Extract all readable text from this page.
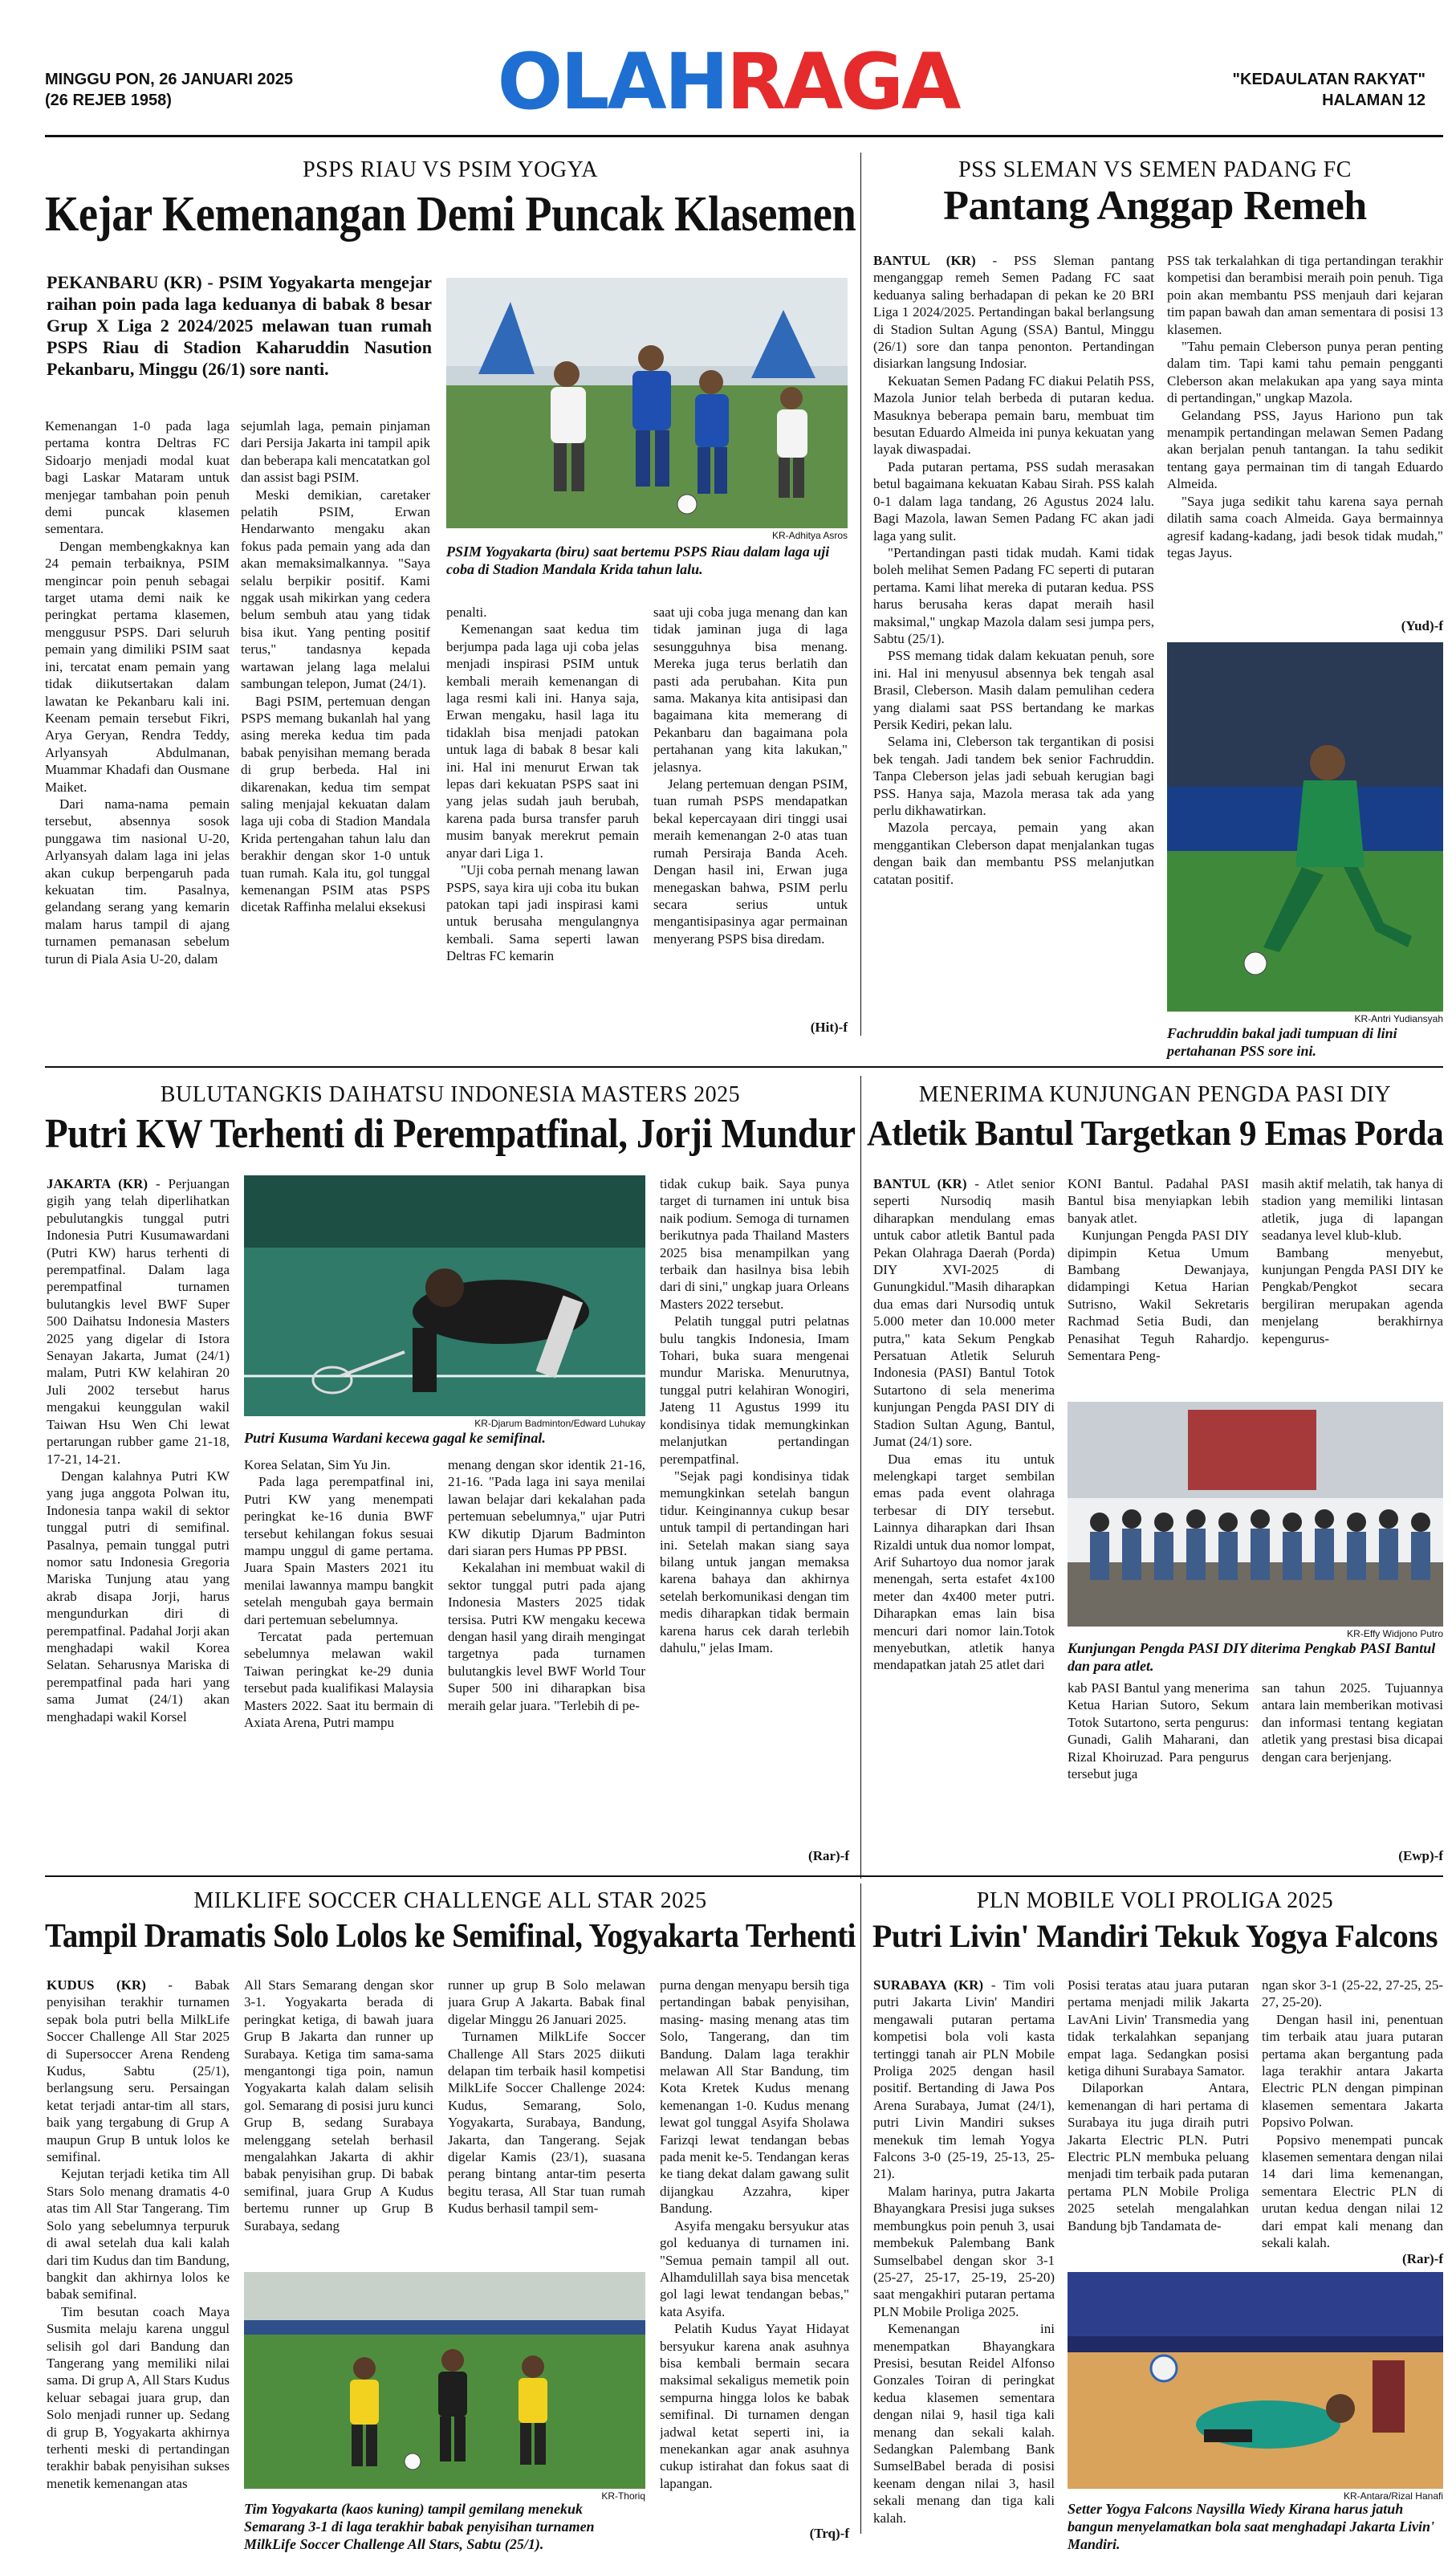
MINGGU PON, 26 JANUARI 2025
(26 REJEB 1958)	OLAHRAGA	"KEDAULATAN RAKYAT"
HALAMAN 12
PSPS RIAU VS PSIM YOGYA
Kejar Kemenangan Demi Puncak Klasemen
PEKANBARU (KR) - PSIM Yogyakarta mengejar raihan poin pada laga keduanya di babak 8 besar Grup X Liga 2 2024/2025 melawan tuan rumah PSPS Riau di Stadion Kaharuddin Nasution Pekanbaru, Minggu (26/1) sore nanti.

Kemenangan 1-0 pada laga pertama kontra Deltras FC Sidoarjo menjadi modal kuat bagi Laskar Mataram untuk menjegar tambahan poin penuh demi puncak klasemen sementara.

Dengan membengkaknya kan 24 pemain terbaiknya, PSIM mengincar poin penuh sebagai target utama demi naik ke peringkat pertama klasemen, menggusur PSPS. Dari seluruh pemain yang dimiliki PSIM saat ini, tercatat enam pemain yang tidak diikutsertakan dalam lawatan ke Pekanbaru kali ini. Keenam pemain tersebut Fikri, Arya Geryan, Rendra Teddy, Arlyansyah Abdulmanan, Muammar Khadafi dan Ousmane Maiket.

Dari nama-nama pemain tersebut, absennya sosok punggawa tim nasional U-20, Arlyansyah dalam laga ini jelas akan cukup berpengaruh pada kekuatan tim. Pasalnya, gelandang serang yang kemarin malam harus tampil di ajang turnamen pemanasan sebelum turun di Piala Asia U-20, dalam

sejumlah laga, pemain pinjaman dari Persija Jakarta ini tampil apik dan beberapa kali mencatatkan gol dan assist bagi PSIM.

Meski demikian, caretaker pelatih PSIM, Erwan Hendarwanto mengaku akan fokus pada pemain yang ada dan akan memaksimalkannya. "Saya selalu berpikir positif. Kami nggak usah mikirkan yang cedera belum sembuh atau yang tidak bisa ikut. Yang penting positif terus," tandasnya kepada wartawan jelang laga melalui sambungan telepon, Jumat (24/1).

Bagi PSIM, pertemuan dengan PSPS memang bukanlah hal yang asing mereka kedua tim pada babak penyisihan memang berada di grup berbeda. Hal ini dikarenakan, kedua tim sempat saling menjajal kekuatan dalam laga uji coba di Stadion Mandala Krida pertengahan tahun lalu dan berakhir dengan skor 1-0 untuk tuan rumah. Kala itu, gol tunggal kemenangan PSIM atas PSPS dicetak Raffinha melalui eksekusi

KR-Adhitya Asros
PSIM Yogyakarta (biru) saat bertemu PSPS Riau dalam laga uji coba di Stadion Mandala Krida tahun lalu.

penalti.

Kemenangan saat kedua tim berjumpa pada laga uji coba jelas menjadi inspirasi PSIM untuk kembali meraih kemenangan di laga resmi kali ini. Hanya saja, Erwan mengaku, hasil laga itu tidaklah bisa menjadi patokan untuk laga di babak 8 besar kali ini. Hal ini menurut Erwan tak lepas dari kekuatan PSPS saat ini yang jelas sudah jauh berubah, karena pada bursa transfer paruh musim banyak merekrut pemain anyar dari Liga 1.

"Uji coba pernah menang lawan PSPS, saya kira uji coba itu bukan patokan tapi jadi inspirasi kami untuk berusaha mengulangnya kembali. Sama seperti lawan Deltras FC kemarin

saat uji coba juga menang dan kan tidak jaminan juga di laga sesungguhnya bisa menang. Mereka juga terus berlatih dan pasti ada perubahan. Kita pun sama. Makanya kita antisipasi dan bagaimana kita memerang di Pekanbaru dan bagaimana pola pertahanan yang kita lakukan," jelasnya.

Jelang pertemuan dengan PSIM, tuan rumah PSPS mendapatkan bekal kepercayaan diri tinggi usai meraih kemenangan 2-0 atas tuan rumah Persiraja Banda Aceh. Dengan hasil ini, Erwan juga menegaskan bahwa, PSIM perlu secara serius untuk mengantisipasinya agar permainan menyerang PSPS bisa diredam.

(Hit)-f
PSS SLEMAN VS SEMEN PADANG FC
Pantang Anggap Remeh

BANTUL (KR) - PSS Sleman pantang menganggap remeh Semen Padang FC saat keduanya saling berhadapan di pekan ke 20 BRI Liga 1 2024/2025. Pertandingan bakal berlangsung di Stadion Sultan Agung (SSA) Bantul, Minggu (26/1) sore dan tanpa penonton. Pertandingan disiarkan langsung Indosiar.

Kekuatan Semen Padang FC diakui Pelatih PSS, Mazola Junior telah berbeda di putaran kedua. Masuknya beberapa pemain baru, membuat tim besutan Eduardo Almeida ini punya kekuatan yang layak diwaspadai.

Pada putaran pertama, PSS sudah merasakan betul bagaimana kekuatan Kabau Sirah. PSS kalah 0-1 dalam laga tandang, 26 Agustus 2024 lalu. Bagi Mazola, lawan Semen Padang FC akan jadi laga yang sulit.

"Pertandingan pasti tidak mudah. Kami tidak boleh melihat Semen Padang FC seperti di putaran pertama. Kami lihat mereka di putaran kedua. PSS harus berusaha keras dapat meraih hasil maksimal," ungkap Mazola dalam sesi jumpa pers, Sabtu (25/1).

PSS memang tidak dalam kekuatan penuh, sore ini. Hal ini menyusul absennya bek tengah asal Brasil, Cleberson. Masih dalam pemulihan cedera yang dialami saat PSS bertandang ke markas Persik Kediri, pekan lalu.

Selama ini, Cleberson tak tergantikan di posisi bek tengah. Jadi tandem bek senior Fachruddin. Tanpa Cleberson jelas jadi sebuah kerugian bagi PSS. Hanya saja, Mazola merasa tak ada yang perlu dikhawatirkan.

Mazola percaya, pemain yang akan menggantikan Cleberson dapat menjalankan tugas dengan baik dan membantu PSS melanjutkan catatan positif.

PSS tak terkalahkan di tiga pertandingan terakhir kompetisi dan berambisi meraih poin penuh. Tiga poin akan membantu PSS menjauh dari kejaran tim papan bawah dan aman sementara di posisi 13 klasemen.

"Tahu pemain Cleberson punya peran penting dalam tim. Tapi kami tahu pemain pengganti Cleberson akan melakukan apa yang saya minta di pertandingan," ungkap Mazola.

Gelandang PSS, Jayus Hariono pun tak menampik pertandingan melawan Semen Padang akan berjalan penuh tantangan. Ia tahu sedikit tentang gaya permainan tim di tangah Eduardo Almeida.

"Saya juga sedikit tahu karena saya pernah dilatih sama coach Almeida. Gaya bermainnya agresif kadang-kadang, jadi besok tidak mudah," tegas Jayus.

(Yud)-f
KR-Antri Yudiansyah
Fachruddin bakal jadi tumpuan di lini pertahanan PSS sore ini.
BULUTANGKIS DAIHATSU INDONESIA MASTERS 2025
Putri KW Terhenti di Perempatfinal, Jorji Mundur

JAKARTA (KR) - Perjuangan gigih yang telah diperlihatkan pebulutangkis tunggal putri Indonesia Putri Kusumawardani (Putri KW) harus terhenti di perempatfinal. Dalam laga perempatfinal turnamen bulutangkis level BWF Super 500 Daihatsu Indonesia Masters 2025 yang digelar di Istora Senayan Jakarta, Jumat (24/1) malam, Putri KW kelahiran 20 Juli 2002 tersebut harus mengakui keunggulan wakil Taiwan Hsu Wen Chi lewat pertarungan rubber game 21-18, 17-21, 14-21.

Dengan kalahnya Putri KW yang juga anggota Polwan itu, Indonesia tanpa wakil di sektor tunggal putri di semifinal. Pasalnya, pemain tunggal putri nomor satu Indonesia Gregoria Mariska Tunjung atau yang akrab disapa Jorji, harus mengundurkan diri di perempatfinal. Padahal Jorji akan menghadapi wakil Korea Selatan. Seharusnya Mariska di perempatfinal pada hari yang sama Jumat (24/1) akan menghadapi wakil Korsel

KR-Djarum Badminton/Edward Luhukay
Putri Kusuma Wardani kecewa gagal ke semifinal.

Korea Selatan, Sim Yu Jin.

Pada laga perempatfinal ini, Putri KW yang menempati peringkat ke-16 dunia BWF tersebut kehilangan fokus sesuai mampu unggul di game pertama. Juara Spain Masters 2021 itu menilai lawannya mampu bangkit setelah mengubah gaya bermain dari pertemuan sebelumnya.

Tercatat pada pertemuan sebelumnya melawan wakil Taiwan peringkat ke-29 dunia tersebut pada kualifikasi Malaysia Masters 2022. Saat itu bermain di Axiata Arena, Putri mampu

menang dengan skor identik 21-16, 21-16. "Pada laga ini saya menilai lawan belajar dari kekalahan pada pertemuan sebelumnya," ujar Putri KW dikutip Djarum Badminton dari siaran pers Humas PP PBSI.

Kekalahan ini membuat wakil di sektor tunggal putri pada ajang Indonesia Masters 2025 tidak tersisa. Putri KW mengaku kecewa dengan hasil yang diraih mengingat targetnya pada turnamen bulutangkis level BWF World Tour Super 500 ini diharapkan bisa meraih gelar juara. "Terlebih di pe-

tidak cukup baik. Saya punya target di turnamen ini untuk bisa naik podium. Semoga di turnamen berikutnya pada Thailand Masters 2025 bisa menampilkan yang terbaik dan hasilnya bisa lebih dari di sini," ungkap juara Orleans Masters 2022 tersebut.

Pelatih tunggal putri pelatnas bulu tangkis Indonesia, Imam Tohari, buka suara mengenai mundur Mariska. Menurutnya, tunggal putri kelahiran Wonogiri, Jateng 11 Agustus 1999 itu kondisinya tidak memungkinkan melanjutkan pertandingan perempatfinal.

"Sejak pagi kondisinya tidak memungkinkan setelah bangun tidur. Keinginannya cukup besar untuk tampil di pertandingan hari ini. Setelah makan siang saya bilang untuk jangan memaksa karena bahaya dan akhirnya setelah berkomunikasi dengan tim medis diharapkan tidak bermain karena harus cek darah terlebih dahulu," jelas Imam.

(Rar)-f
MENERIMA KUNJUNGAN PENGDA PASI DIY
Atletik Bantul Targetkan 9 Emas Porda

BANTUL (KR) - Atlet senior seperti Nursodiq masih diharapkan mendulang emas untuk cabor atletik Bantul pada Pekan Olahraga Daerah (Porda) DIY XVI-2025 di Gunungkidul."Masih diharapkan dua emas dari Nursodiq untuk 5.000 meter dan 10.000 meter putra," kata Sekum Pengkab Persatuan Atletik Seluruh Indonesia (PASI) Bantul Totok Sutartono di sela menerima kunjungan Pengda PASI DIY di Stadion Sultan Agung, Bantul, Jumat (24/1) sore.

Dua emas itu untuk melengkapi target sembilan emas pada event olahraga terbesar di DIY tersebut. Lainnya diharapkan dari Ihsan Rizaldi untuk dua nomor lompat, Arif Suhartoyo dua nomor jarak menengah, serta estafet 4x100 meter dan 4x400 meter putri. Diharapkan emas lain bisa mencuri dari nomor lain.Totok menyebutkan, atletik hanya mendapatkan jatah 25 atlet dari

KONI Bantul. Padahal PASI Bantul bisa menyiapkan lebih banyak atlet.

Kunjungan Pengda PASI DIY dipimpin Ketua Umum Bambang Dewanjaya, didampingi Ketua Harian Sutrisno, Wakil Sekretaris Rachmad Setia Budi, dan Penasihat Teguh Rahardjo. Sementara Peng-

masih aktif melatih, tak hanya di stadion yang memiliki lintasan atletik, juga di lapangan seadanya level klub-klub.

Bambang menyebut, kunjungan Pengda PASI DIY ke Pengkab/Pengkot secara bergiliran merupakan agenda menjelang berakhirnya kepengurus-

KR-Effy Widjono Putro
Kunjungan Pengda PASI DIY diterima Pengkab PASI Bantul dan para atlet.

kab PASI Bantul yang menerima Ketua Harian Sutoro, Sekum Totok Sutartono, serta pengurus: Gunadi, Galih Maharani, dan Rizal Khoiruzad. Para pengurus tersebut juga

san tahun 2025. Tujuannya antara lain memberikan motivasi dan informasi tentang kegiatan atletik yang prestasi bisa dicapai dengan cara berjenjang.

(Ewp)-f
MILKLIFE SOCCER CHALLENGE ALL STAR 2025
Tampil Dramatis Solo Lolos ke Semifinal, Yogyakarta Terhenti

KUDUS (KR) - Babak penyisihan terakhir turnamen sepak bola putri bella MilkLife Soccer Challenge All Star 2025 di Supersoccer Arena Rendeng Kudus, Sabtu (25/1), berlangsung seru. Persaingan ketat terjadi antar-tim all stars, baik yang tergabung di Grup A maupun Grup B untuk lolos ke semifinal.

Kejutan terjadi ketika tim All Stars Solo menang dramatis 4-0 atas tim All Star Tangerang. Tim Solo yang sebelumnya terpuruk di awal setelah dua kali kalah dari tim Kudus dan tim Bandung, bangkit dan akhirnya lolos ke babak semifinal.

Tim besutan coach Maya Susmita melaju karena unggul selisih gol dari Bandung dan Tangerang yang memiliki nilai sama. Di grup A, All Stars Kudus keluar sebagai juara grup, dan Solo menjadi runner up. Sedang di grup B, Yogyakarta akhirnya terhenti meski di pertandingan terakhir babak penyisihan sukses menetik kemenangan atas

All Stars Semarang dengan skor 3-1. Yogyakarta berada di peringkat ketiga, di bawah juara Grup B Jakarta dan runner up Surabaya. Ketiga tim sama-sama mengantongi tiga poin, namun Yogyakarta kalah dalam selisih gol. Semarang di posisi juru kunci Grup B, sedang Surabaya melenggang setelah berhasil mengalahkan Jakarta di akhir babak penyisihan grup. Di babak semifinal, juara Grup A Kudus bertemu runner up Grup B Surabaya, sedang

runner up grup B Solo melawan juara Grup A Jakarta. Babak final digelar Minggu 26 Januari 2025.

Turnamen MilkLife Soccer Challenge All Stars 2025 diikuti delapan tim terbaik hasil kompetisi MilkLife Soccer Challenge 2024: Kudus, Semarang, Solo, Yogyakarta, Surabaya, Bandung, Jakarta, dan Tangerang. Sejak digelar Kamis (23/1), suasana perang bintang antar-tim peserta begitu terasa, All Star tuan rumah Kudus berhasil tampil sem-

KR-Thoriq
Tim Yogyakarta (kaos kuning) tampil gemilang menekuk Semarang 3-1 di laga terakhir babak penyisihan turnamen MilkLife Soccer Challenge All Stars, Sabtu (25/1).

purna dengan menyapu bersih tiga pertandingan babak penyisihan, masing- masing menang atas tim Solo, Tangerang, dan tim Bandung. Dalam laga terakhir melawan All Star Bandung, tim Kota Kretek Kudus menang kemenangan 1-0. Kudus menang lewat gol tunggal Asyifa Sholawa Farizqi lewat tendangan bebas pada menit ke-5. Tendangan keras ke tiang dekat dalam gawang sulit dijangkau Azzahra, kiper Bandung.

Asyifa mengaku bersyukur atas gol keduanya di turnamen ini. "Semua pemain tampil all out. Alhamdulillah saya bisa mencetak gol lagi lewat tendangan bebas," kata Asyifa.

Pelatih Kudus Yayat Hidayat bersyukur karena anak asuhnya bisa kembali bermain secara maksimal sekaligus memetik poin sempurna hingga lolos ke babak semifinal. Di turnamen dengan jadwal ketat seperti ini, ia menekankan agar anak asuhnya cukup istirahat dan fokus saat di lapangan.

(Trq)-f
PLN MOBILE VOLI PROLIGA 2025
Putri Livin' Mandiri Tekuk Yogya Falcons

SURABAYA (KR) - Tim voli putri Jakarta Livin' Mandiri mengawali putaran pertama kompetisi bola voli kasta tertinggi tanah air PLN Mobile Proliga 2025 dengan hasil positif. Bertanding di Jawa Pos Arena Surabaya, Jumat (24/1), putri Livin Mandiri sukses menekuk tim lemah Yogya Falcons 3-0 (25-19, 25-13, 25-21).

Malam harinya, putra Jakarta Bhayangkara Presisi juga sukses membungkus poin penuh 3, usai membekuk Palembang Bank Sumselbabel dengan skor 3-1 (25-27, 25-17, 25-19, 25-20) saat mengakhiri putaran pertama PLN Mobile Proliga 2025.

Kemenangan ini menempatkan Bhayangkara Presisi, besutan Reidel Alfonso Gonzales Toiran di peringkat kedua klasemen sementara dengan nilai 9, hasil tiga kali menang dan sekali kalah. Sedangkan Palembang Bank SumselBabel berada di posisi keenam dengan nilai 3, hasil sekali menang dan tiga kali kalah.

Posisi teratas atau juara putaran pertama menjadi milik Jakarta LavAni Livin' Transmedia yang tidak terkalahkan sepanjang empat laga. Sedangkan posisi ketiga dihuni Surabaya Samator.

Dilaporkan Antara, kemenangan di hari pertama di Surabaya itu juga diraih putri Jakarta Electric PLN. Putri Electric PLN membuka peluang menjadi tim terbaik pada putaran pertama PLN Mobile Proliga 2025 setelah mengalahkan Bandung bjb Tandamata de-

ngan skor 3-1 (25-22, 27-25, 25-27, 25-20).

Dengan hasil ini, penentuan tim terbaik atau juara putaran pertama akan bergantung pada laga terakhir antara Jakarta Electric PLN dengan pimpinan klasemen sementara Jakarta Popsivo Polwan.

Popsivo menempati puncak klasemen sementara dengan nilai 14 dari lima kemenangan, sementara Electric PLN di urutan kedua dengan nilai 12 dari empat kali menang dan sekali kalah.

(Rar)-f
KR-Antara/Rizal Hanafi
Setter Yogya Falcons Naysilla Wiedy Kirana harus jatuh bangun menyelamatkan bola saat menghadapi Jakarta Livin' Mandiri.
